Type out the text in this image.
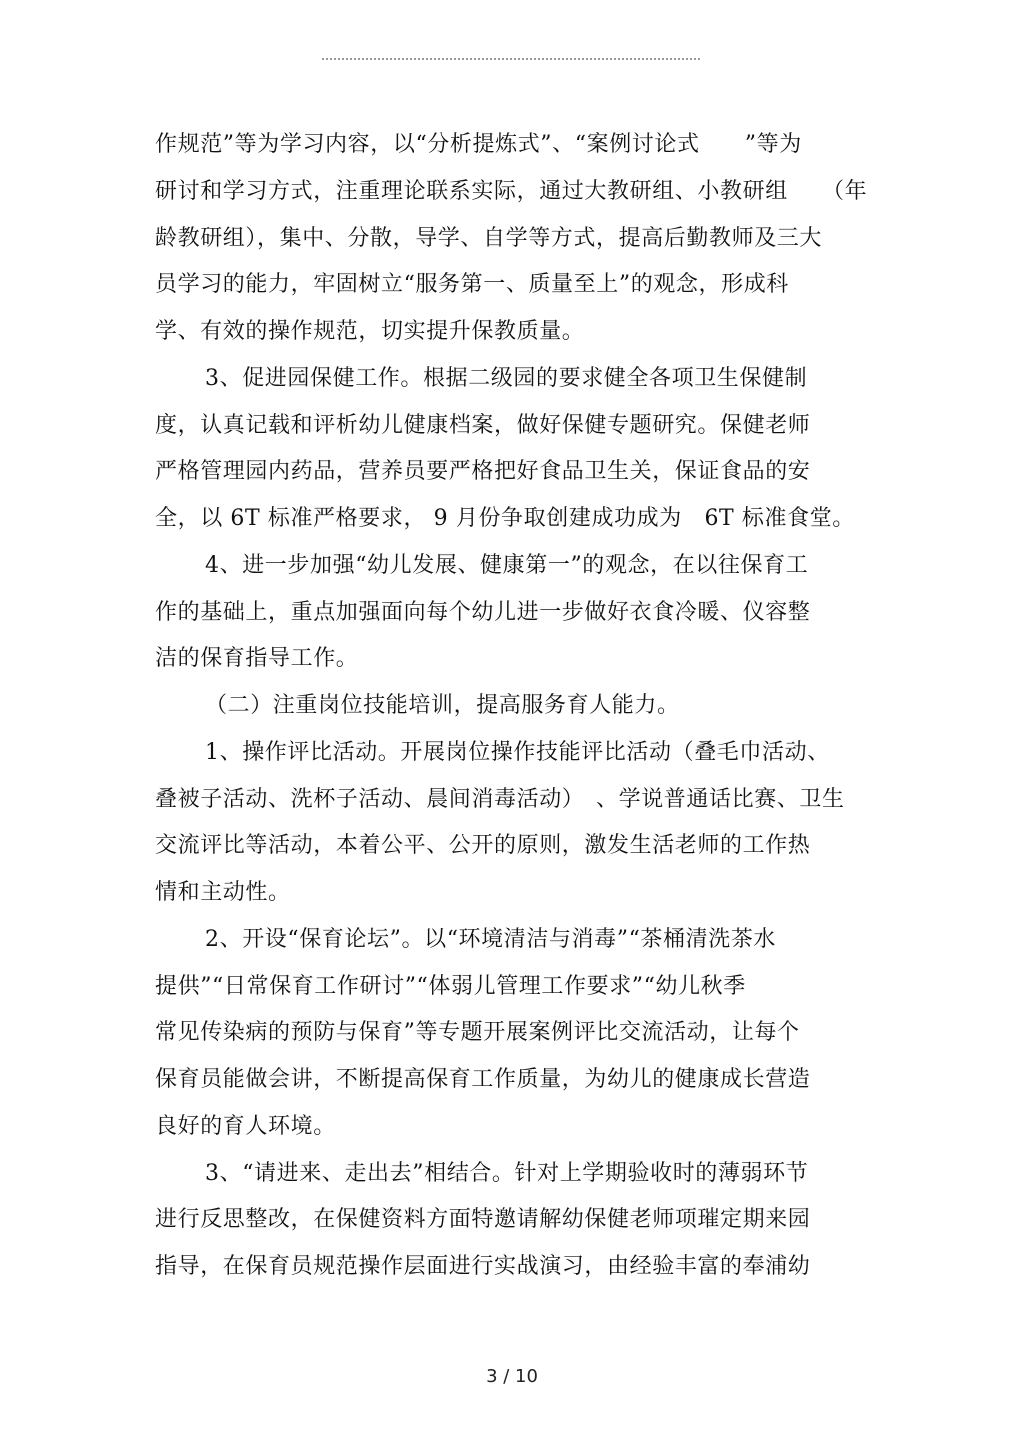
作规范”等为学习内容，以“分析提炼式”、“案例讨论式　　”等为
研讨和学习方式，注重理论联系实际，通过大教研组、小教研组　　（年
龄教研组），集中、分散，导学、自学等方式，提高后勤教师及三大
员学习的能力，牢固树立“服务第一、质量至上”的观念，形成科
学、有效的操作规范，切实提升保教质量。
3、促进园保健工作。根据二级园的要求健全各项卫生保健制
度，认真记载和评析幼儿健康档案，做好保健专题研究。保健老师
严格管理园内药品，营养员要严格把好食品卫生关，保证食品的安
全，以 6T 标准严格要求， 9 月份争取创建成功成为　6T 标准食堂。
4、进一步加强“幼儿发展、健康第一”的观念，在以往保育工
作的基础上，重点加强面向每个幼儿进一步做好衣食冷暖、仪容整
洁的保育指导工作。
（二）注重岗位技能培训，提高服务育人能力。
1、操作评比活动。开展岗位操作技能评比活动（叠毛巾活动、
叠被子活动、洗杯子活动、晨间消毒活动）　、学说普通话比赛、卫生
交流评比等活动，本着公平、公开的原则，激发生活老师的工作热
情和主动性。
2、开设“保育论坛”。以“环境清洁与消毒”“茶桶清洗茶水
提供”“日常保育工作研讨”“体弱儿管理工作要求”“幼儿秋季
常见传染病的预防与保育”等专题开展案例评比交流活动，让每个
保育员能做会讲，不断提高保育工作质量，为幼儿的健康成长营造
良好的育人环境。
3、“请进来、走出去”相结合。针对上学期验收时的薄弱环节
进行反思整改，在保健资料方面特邀请解幼保健老师项璀定期来园
指导，在保育员规范操作层面进行实战演习，由经验丰富的奉浦幼
3 / 10
